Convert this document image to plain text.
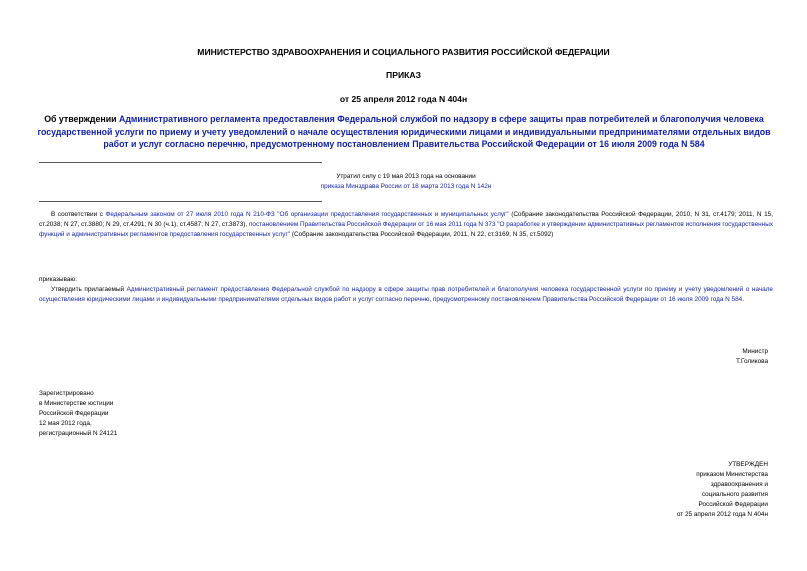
МИНИСТЕРСТВО ЗДРАВООХРАНЕНИЯ И СОЦИАЛЬНОГО РАЗВИТИЯ РОССИЙСКОЙ ФЕДЕРАЦИИ
ПРИКАЗ
от 25 апреля 2012 года N 404н
Об утверждении Административного регламента предоставления Федеральной службой по надзору в сфере защиты прав потребителей и благополучия человека государственной услуги по приему и учету уведомлений о начале осуществления юридическими лицами и индивидуальными предпринимателями отдельных видов работ и услуг согласно перечню, предусмотренному постановлением Правительства Российской Федерации от 16 июля 2009 года N 584
Утратил силу с 19 мая 2013 года на основании
приказа Минздрава России от 18 марта 2013 года N 142н
В соответствии с Федеральным законом от 27 июля 2010 года N 210-ФЗ "Об организации предоставления государственных и муниципальных услуг" (Собрание законодательства Российской Федерации, 2010, N 31, ст.4179; 2011, N 15, ст.2038; N 27, ст.3880; N 29, ст.4291; N 30 (ч.1), ст.4587; N 27, ст.3873), постановлением Правительства Российской Федерации от 16 мая 2011 года N 373 "О разработке и утверждении административных регламентов исполнения государственных функций и административных регламентов предоставления государственных услуг" (Собрание законодательства Российской Федерации, 2011, N 22, ст.3169; N 35, ст.5092)
приказываю:
Утвердить прилагаемый Административный регламент предоставления Федеральной службой по надзору в сфере защиты прав потребителей и благополучия человека государственной услуги по приему и учету уведомлений о начале осуществления юридическими лицами и индивидуальными предпринимателями отдельных видов работ и услуг согласно перечню, предусмотренному постановлением Правительства Российской Федерации от 16 июля 2009 года N 584.
Министр
Т.Голикова
Зарегистрировано
в Министерстве юстиции
Российской Федерации
12 мая 2012 года,
регистрационный N 24121
УТВЕРЖДЕН
приказом Министерства
здравоохранения и
социального развития
Российской Федерации
от 25 апреля 2012 года N 404н
